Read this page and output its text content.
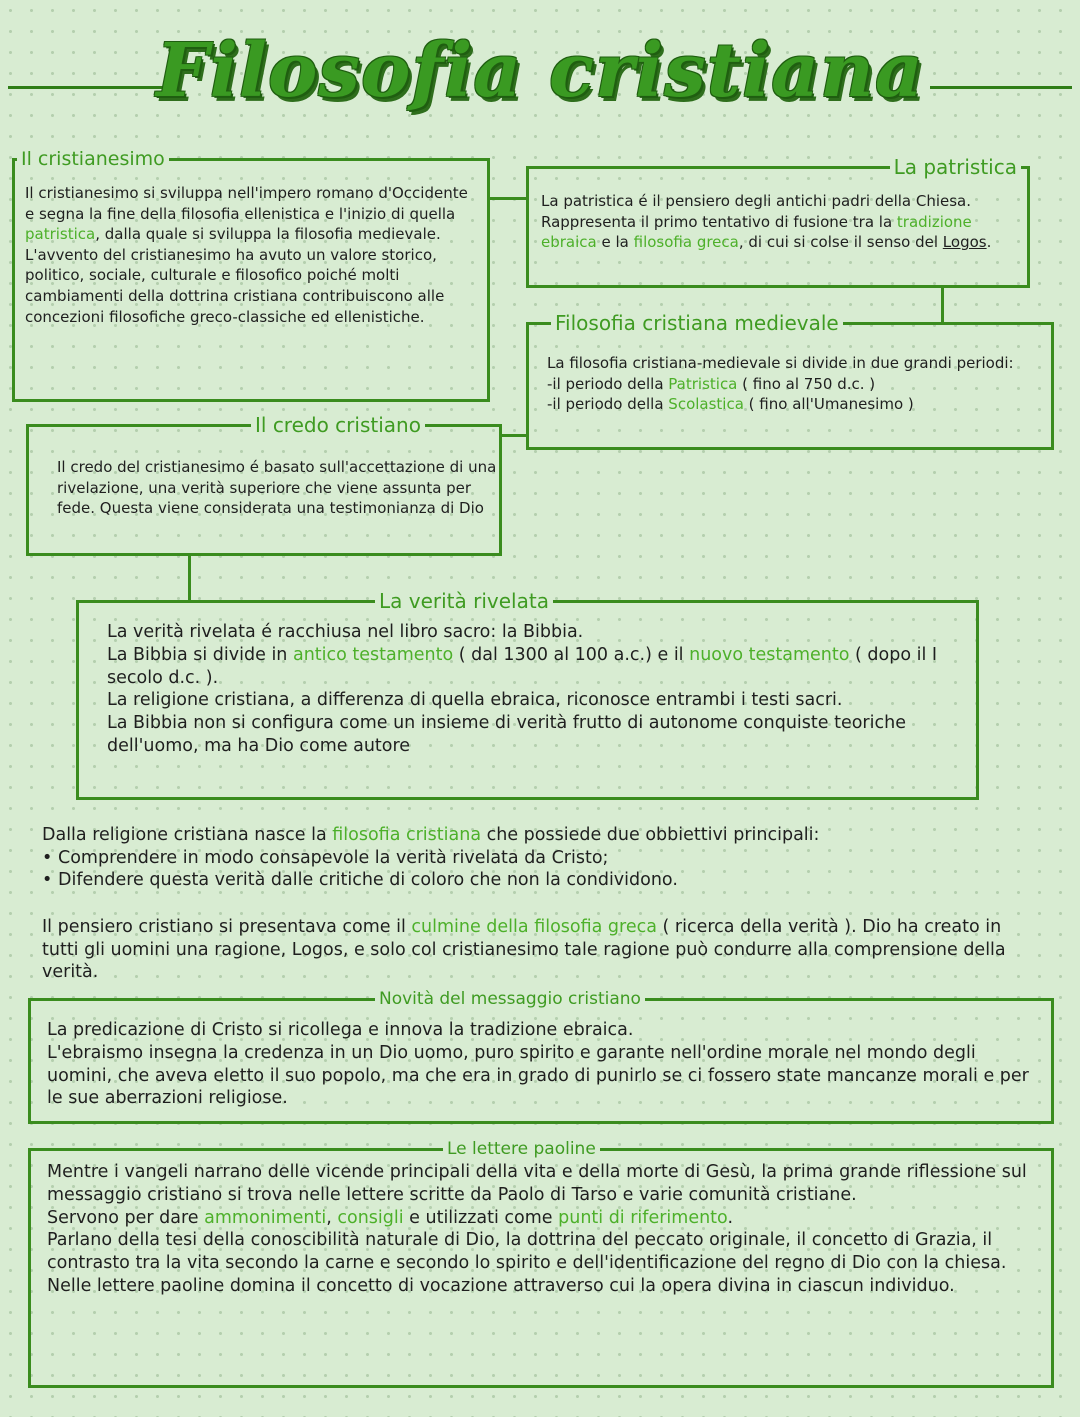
Filosofia cristiana
Il cristianesimo

Il cristianesimo si sviluppa nell'impero romano d'Occidente e segna la fine della filosofia ellenistica e l'inizio di quella patristica, dalla quale si sviluppa la filosofia medievale.

L'avvento del cristianesimo ha avuto un valore storico, politico, sociale, culturale e filosofico poiché molti cambiamenti della dottrina cristiana contribuiscono alle concezioni filosofiche greco-classiche ed ellenistiche.

La patristica

La patristica é il pensiero degli antichi padri della Chiesa. Rappresenta il primo tentativo di fusione tra la tradizione ebraica e la filosofia greca, di cui si colse il senso del Logos.

Filosofia cristiana medievale

La filosofia cristiana-medievale si divide in due grandi periodi:

-il periodo della Patristica ( fino al 750 d.c. )

-il periodo della Scolastica ( fino all'Umanesimo )

Il credo cristiano

Il credo del cristianesimo é basato sull'accettazione di una rivelazione, una verità superiore che viene assunta per fede. Questa viene considerata una testimonianza di Dio

La verità rivelata

La verità rivelata é racchiusa nel libro sacro: la Bibbia.

La Bibbia si divide in antico testamento ( dal 1300 al 100 a.c.) e il nuovo testamento ( dopo il I secolo d.c. ).

La religione cristiana, a differenza di quella ebraica, riconosce entrambi i testi sacri.

La Bibbia non si configura come un insieme di verità frutto di autonome conquiste teoriche dell'uomo, ma ha Dio come autore

Dalla religione cristiana nasce la filosofia cristiana che possiede due obbiettivi principali:

• Comprendere in modo consapevole la verità rivelata da Cristo;

• Difendere questa verità dalle critiche di coloro che non la condividono.

Il pensiero cristiano si presentava come il culmine della filosofia greca ( ricerca della verità ). Dio ha creato in tutti gli uomini una ragione, Logos, e solo col cristianesimo tale ragione può condurre alla comprensione della verità.

Novità del messaggio cristiano

La predicazione di Cristo si ricollega e innova la tradizione ebraica.

L'ebraismo insegna la credenza in un Dio uomo, puro spirito e garante nell'ordine morale nel mondo degli uomini, che aveva eletto il suo popolo, ma che era in grado di punirlo se ci fossero state mancanze morali e per le sue aberrazioni religiose.

Le lettere paoline

Mentre i vangeli narrano delle vicende principali della vita e della morte di Gesù, la prima grande riflessione sul messaggio cristiano si trova nelle lettere scritte da Paolo di Tarso e varie comunità cristiane.

Servono per dare ammonimenti, consigli e utilizzati come punti di riferimento.

Parlano della tesi della conoscibilità naturale di Dio, la dottrina del peccato originale, il concetto di Grazia, il contrasto tra la vita secondo la carne e secondo lo spirito e dell'identificazione del regno di Dio con la chiesa.

Nelle lettere paoline domina il concetto di vocazione attraverso cui la opera divina in ciascun individuo.
